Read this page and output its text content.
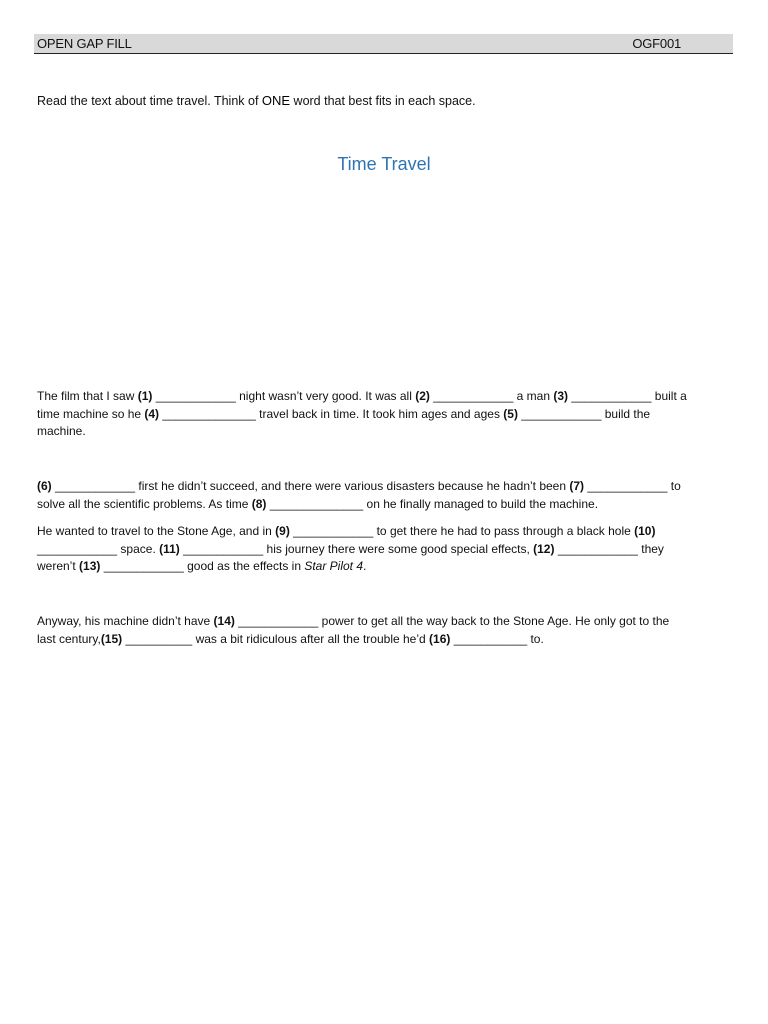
OPEN GAP FILL	OGF001
Read the text about time travel. Think of ONE word that best fits in each space.
Time Travel
The film that I saw (1) ____________ night wasn’t very good. It was all (2) ____________ a man (3) ____________ built a
time machine so he (4) ______________ travel back in time. It took him ages and ages (5) ____________ build the
machine.
(6) ____________ first he didn’t succeed, and there were various disasters because he hadn’t been (7) ____________ to
solve all the scientific problems. As time (8) ______________ on he finally managed to build the machine.
He wanted to travel to the Stone Age, and in (9) ____________ to get there he had to pass through a black hole (10)
____________ space. (11) ____________ his journey there were some good special effects, (12) ____________ they
weren’t (13) ____________ good as the effects in Star Pilot 4.
Anyway, his machine didn’t have (14) ____________ power to get all the way back to the Stone Age. He only got to the
last century,(15) __________ was a bit ridiculous after all the trouble he’d (16) ___________ to.
